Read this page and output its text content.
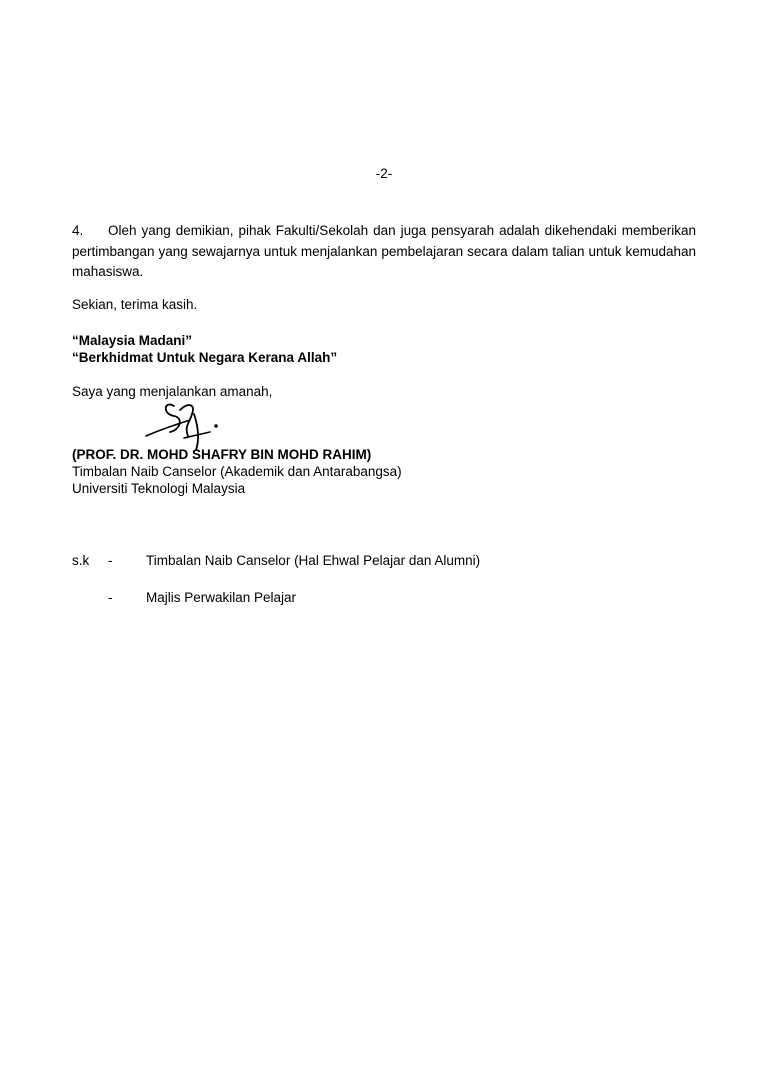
-2-
4. Oleh yang demikian, pihak Fakulti/Sekolah dan juga pensyarah adalah dikehendaki memberikan pertimbangan yang sewajarnya untuk menjalankan pembelajaran secara dalam talian untuk kemudahan mahasiswa.
Sekian, terima kasih.
“Malaysia Madani”
“Berkhidmat Untuk Negara Kerana Allah”
Saya yang menjalankan amanah,
(PROF. DR. MOHD SHAFRY BIN MOHD RAHIM)
Timbalan Naib Canselor (Akademik dan Antarabangsa)
Universiti Teknologi Malaysia
s.k - Timbalan Naib Canselor (Hal Ehwal Pelajar dan Alumni)
- Majlis Perwakilan Pelajar
